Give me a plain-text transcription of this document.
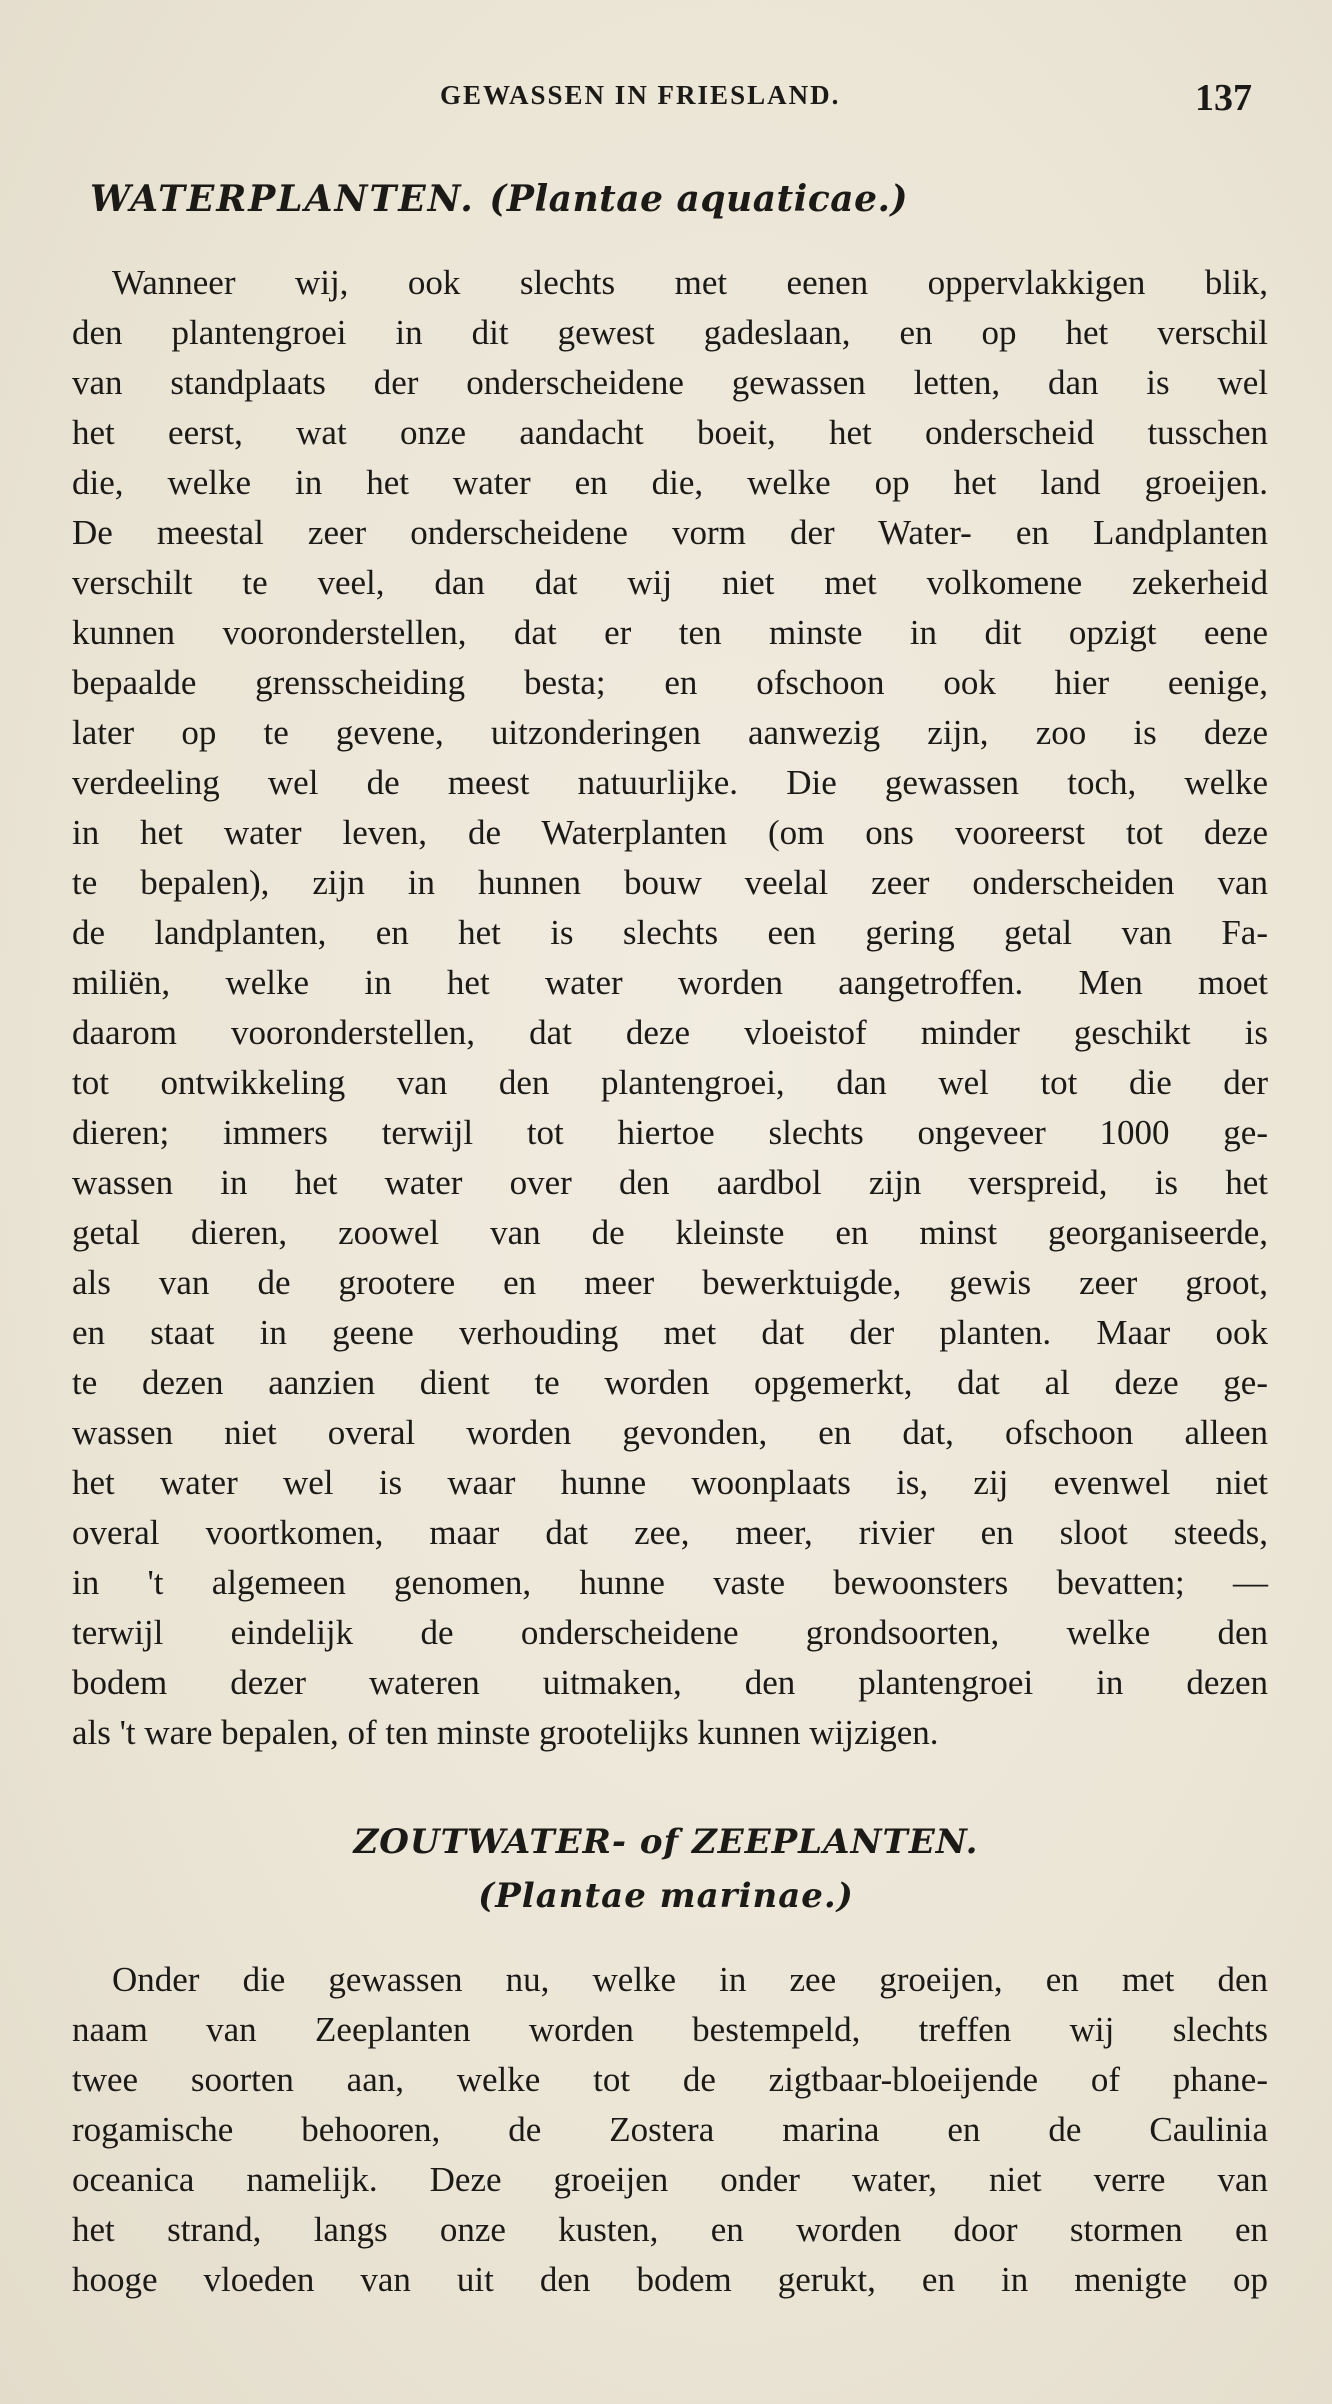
GEWASSEN IN FRIESLAND.	137
WATERPLANTEN. (Plantae aquaticae.)
Wanneer wij, ook slechts met eenen oppervlakkigen blik,
den plantengroei in dit gewest gadeslaan, en op het verschil
van standplaats der onderscheidene gewassen letten, dan is wel
het eerst, wat onze aandacht boeit, het onderscheid tusschen
die, welke in het water en die, welke op het land groeijen.
De meestal zeer onderscheidene vorm der Water- en Landplanten
verschilt te veel, dan dat wij niet met volkomene zekerheid
kunnen vooronderstellen, dat er ten minste in dit opzigt eene
bepaalde grensscheiding besta; en ofschoon ook hier eenige,
later op te gevene, uitzonderingen aanwezig zijn, zoo is deze
verdeeling wel de meest natuurlijke. Die gewassen toch, welke
in het water leven, de Waterplanten (om ons vooreerst tot deze
te bepalen), zijn in hunnen bouw veelal zeer onderscheiden van
de landplanten, en het is slechts een gering getal van Fa-
miliën, welke in het water worden aangetroffen. Men moet
daarom vooronderstellen, dat deze vloeistof minder geschikt is
tot ontwikkeling van den plantengroei, dan wel tot die der
dieren; immers terwijl tot hiertoe slechts ongeveer 1000 ge-
wassen in het water over den aardbol zijn verspreid, is het
getal dieren, zoowel van de kleinste en minst georganiseerde,
als van de grootere en meer bewerktuigde, gewis zeer groot,
en staat in geene verhouding met dat der planten. Maar ook
te dezen aanzien dient te worden opgemerkt, dat al deze ge-
wassen niet overal worden gevonden, en dat, ofschoon alleen
het water wel is waar hunne woonplaats is, zij evenwel niet
overal voortkomen, maar dat zee, meer, rivier en sloot steeds,
in 't algemeen genomen, hunne vaste bewoonsters bevatten; —
terwijl eindelijk de onderscheidene grondsoorten, welke den
bodem dezer wateren uitmaken, den plantengroei in dezen
als 't ware bepalen, of ten minste grootelijks kunnen wijzigen.
ZOUTWATER- of ZEEPLANTEN.
(Plantae marinae.)
Onder die gewassen nu, welke in zee groeijen, en met den
naam van Zeeplanten worden bestempeld, treffen wij slechts
twee soorten aan, welke tot de zigtbaar-bloeijende of phane-
rogamische behooren, de Zostera marina en de Caulinia
oceanica namelijk. Deze groeijen onder water, niet verre van
het strand, langs onze kusten, en worden door stormen en
hooge vloeden van uit den bodem gerukt, en in menigte op
